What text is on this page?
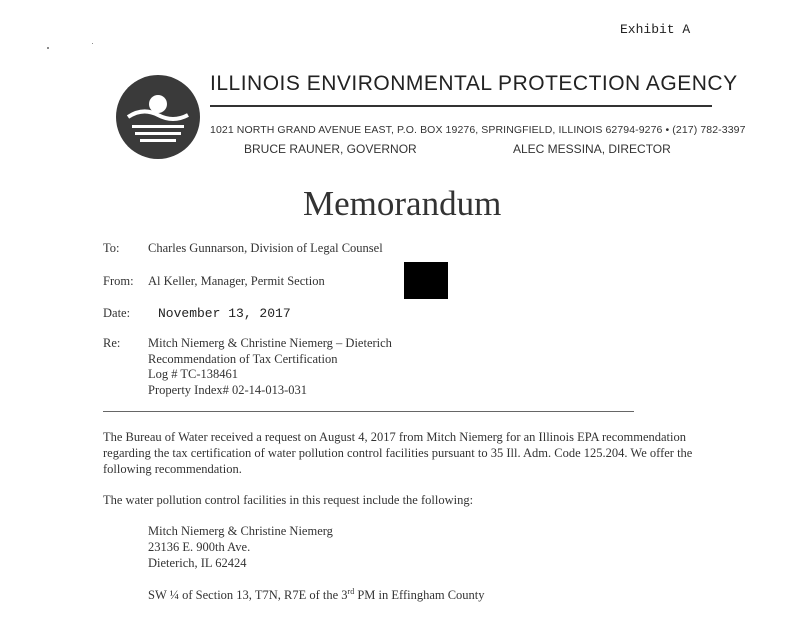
Exhibit A
ILLINOIS ENVIRONMENTAL PROTECTION AGENCY
1021 NORTH GRAND AVENUE EAST, P.O. BOX 19276, SPRINGFIELD, ILLINOIS 62794-9276 • (217) 782-3397
BRUCE RAUNER, GOVERNOR	ALEC MESSINA, DIRECTOR
Memorandum
To: Charles Gunnarson, Division of Legal Counsel
From: Al Keller, Manager, Permit Section
Date: November 13, 2017
Re: Mitch Niemerg & Christine Niemerg – Dieterich
Recommendation of Tax Certification
Log # TC-138461
Property Index# 02-14-013-031
The Bureau of Water received a request on August 4, 2017 from Mitch Niemerg for an Illinois EPA recommendation regarding the tax certification of water pollution control facilities pursuant to 35 Ill. Adm. Code 125.204. We offer the following recommendation.
The water pollution control facilities in this request include the following:
Mitch Niemerg & Christine Niemerg
23136 E. 900th Ave.
Dieterich, IL 62424
SW ¼ of Section 13, T7N, R7E of the 3rd PM in Effingham County
